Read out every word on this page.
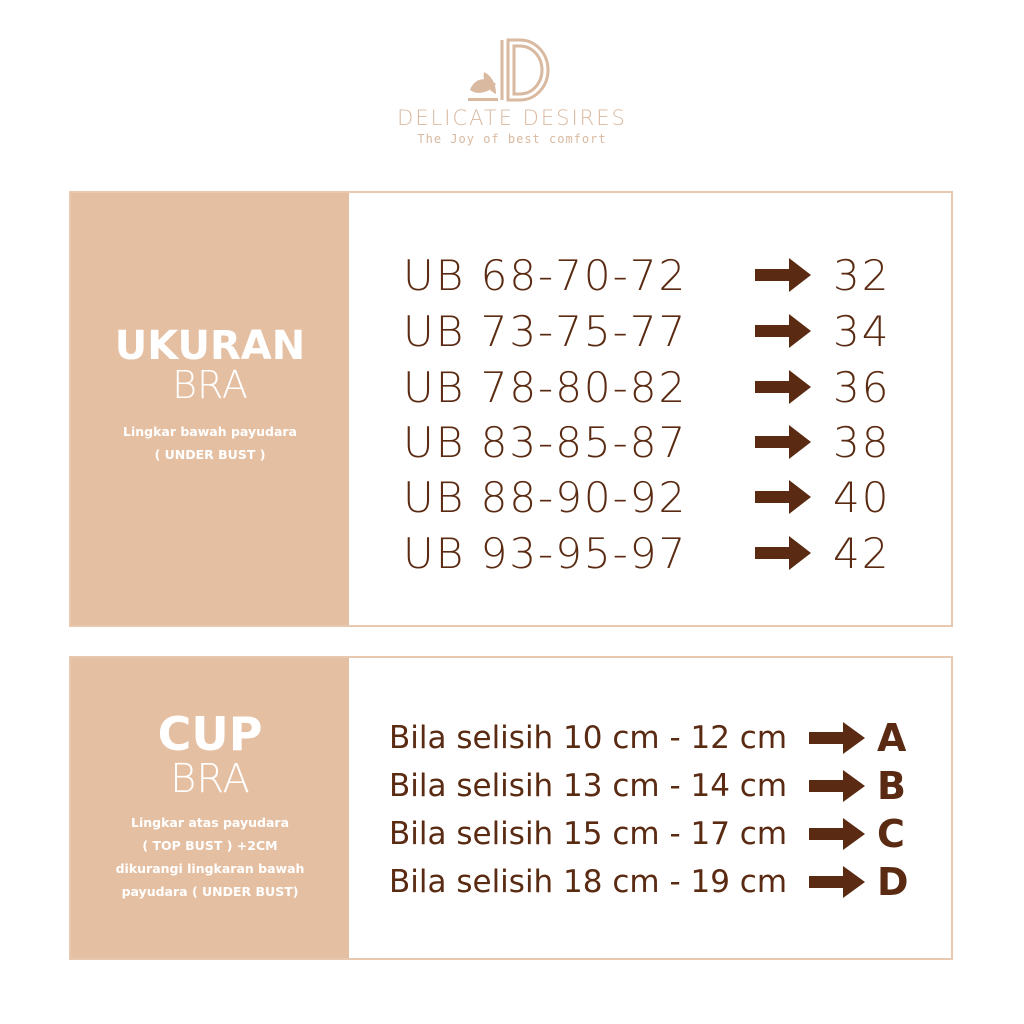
DELICATE DESIRES
The Joy of best comfort
UKURAN
BRA
Lingkar bawah payudara
( UNDER BUST )
UB 68-70-72	32
UB 73-75-77	34
UB 78-80-82	36
UB 83-85-87	38
UB 88-90-92	40
UB 93-95-97	42
CUP
BRA
Lingkar atas payudara
( TOP BUST ) +2CM
dikurangi lingkaran bawah
payudara ( UNDER BUST)
Bila selisih 10 cm - 12 cm	A
Bila selisih 13 cm - 14 cm	B
Bila selisih 15 cm - 17 cm	C
Bila selisih 18 cm - 19 cm	D
